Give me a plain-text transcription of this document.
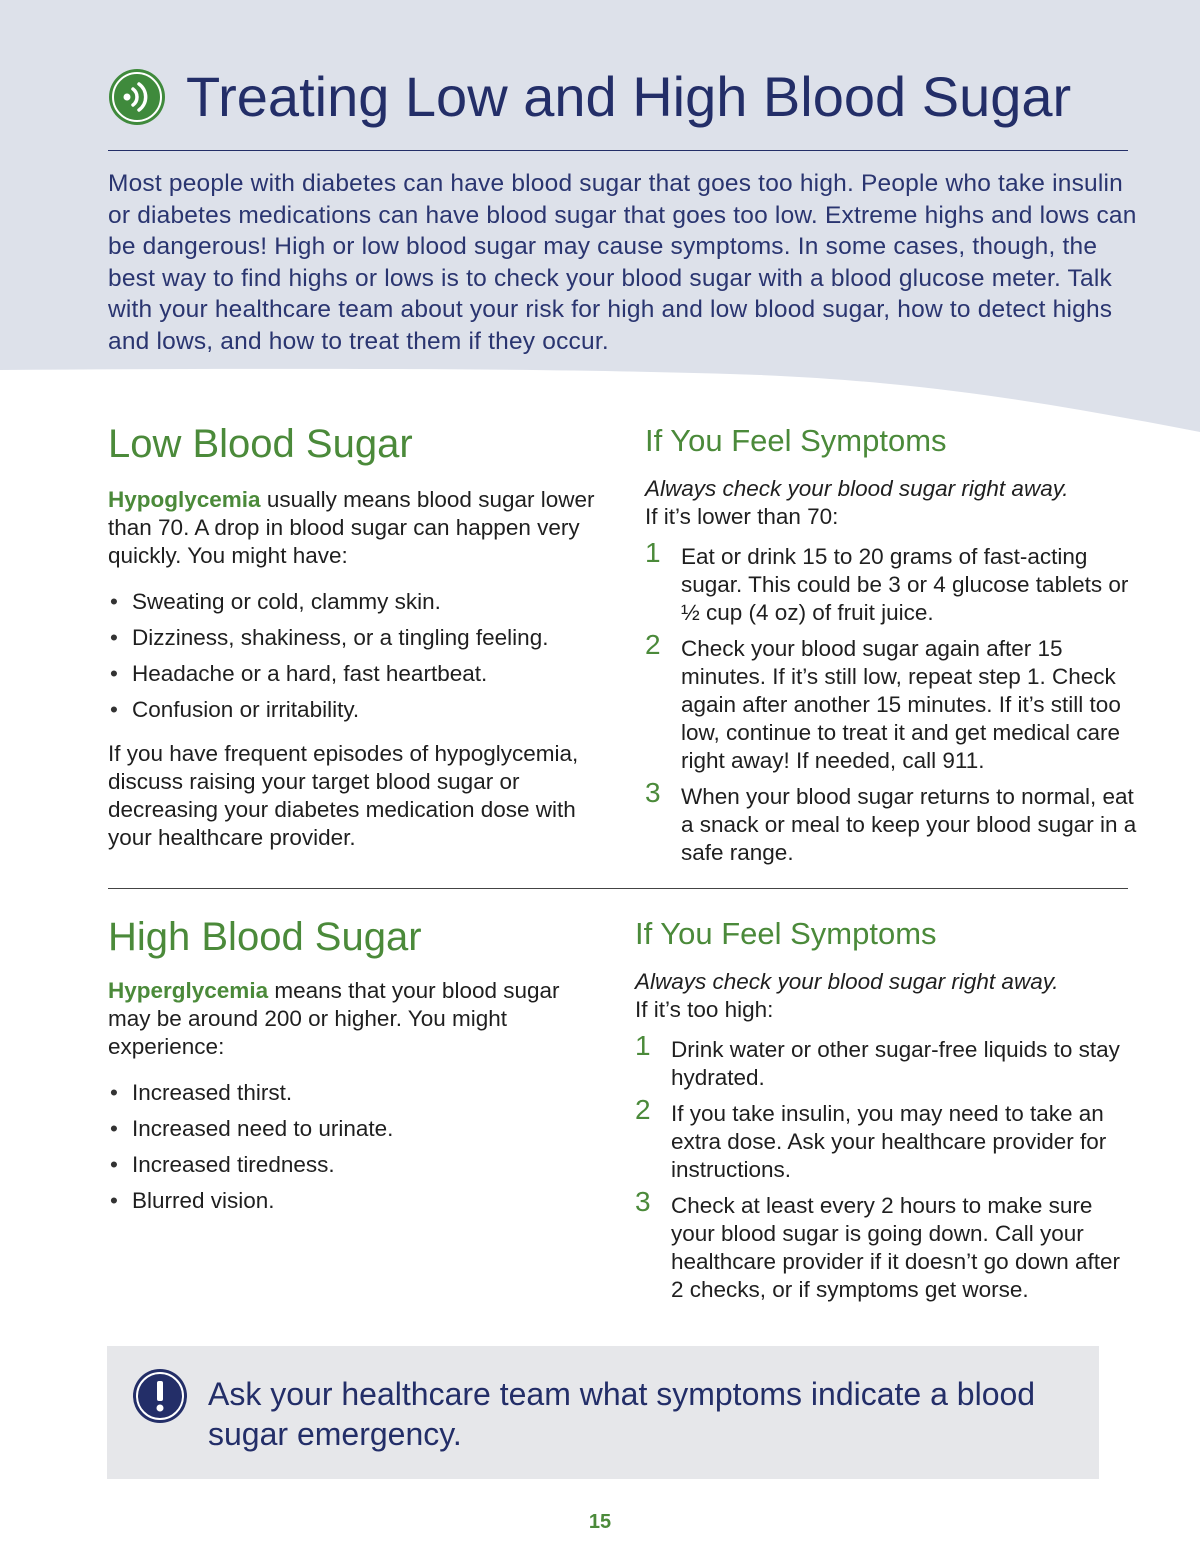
Treating Low and High Blood Sugar

Most people with diabetes can have blood sugar that goes too high. People who take insulin or diabetes medications can have blood sugar that goes too low. Extreme highs and lows can be dangerous! High or low blood sugar may cause symptoms. In some cases, though, the best way to find highs or lows is to check your blood sugar with a blood glucose meter. Talk with your healthcare team about your risk for high and low blood sugar, how to detect highs and lows, and how to treat them if they occur.

Low Blood Sugar

Hypoglycemia usually means blood sugar lower than 70. A drop in blood sugar can happen very quickly. You might have:

• Sweating or cold, clammy skin.
• Dizziness, shakiness, or a tingling feeling.
• Headache or a hard, fast heartbeat.
• Confusion or irritability.

If you have frequent episodes of hypoglycemia, discuss raising your target blood sugar or decreasing your diabetes medication dose with your healthcare provider.

If You Feel Symptoms

Always check your blood sugar right away.

If it’s lower than 70:

1 Eat or drink 15 to 20 grams of fast-acting sugar. This could be 3 or 4 glucose tablets or ½ cup (4 oz) of fruit juice.
2 Check your blood sugar again after 15 minutes. If it’s still low, repeat step 1. Check again after another 15 minutes. If it’s still too low, continue to treat it and get medical care right away! If needed, call 911.
3 When your blood sugar returns to normal, eat a snack or meal to keep your blood sugar in a safe range.
High Blood Sugar

Hyperglycemia means that your blood sugar may be around 200 or higher. You might experience:

• Increased thirst.
• Increased need to urinate.
• Increased tiredness.
• Blurred vision.
If You Feel Symptoms

Always check your blood sugar right away.

If it’s too high:

1 Drink water or other sugar-free liquids to stay hydrated.
2 If you take insulin, you may need to take an extra dose. Ask your healthcare provider for instructions.
3 Check at least every 2 hours to make sure your blood sugar is going down. Call your healthcare provider if it doesn’t go down after 2 checks, or if symptoms get worse.

Ask your healthcare team what symptoms indicate a blood sugar emergency.

15
